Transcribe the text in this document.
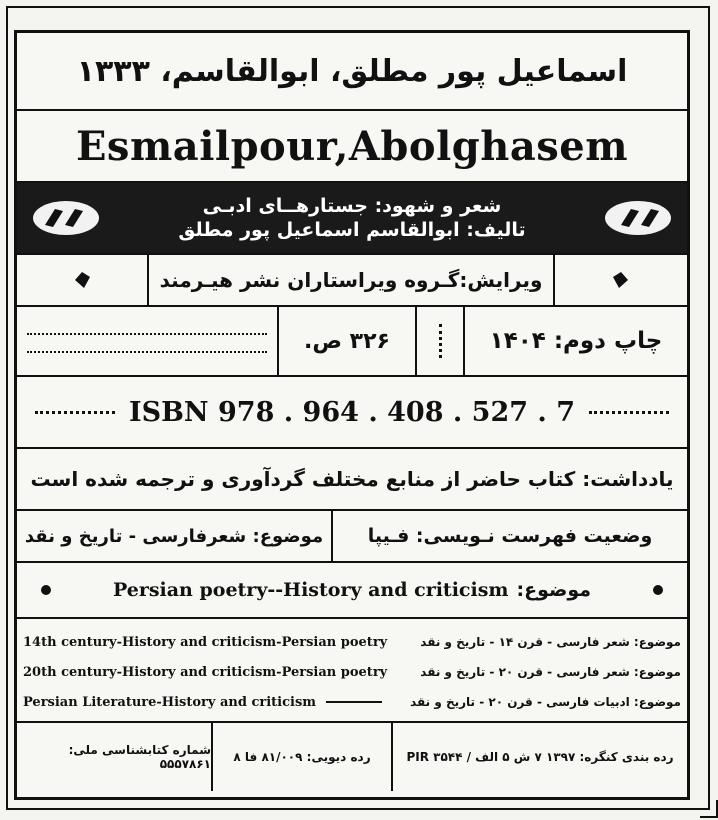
اسماعیل پور مطلق، ابوالقاسم، ۱۳۳۳
Esmailpour,Abolghasem
شعر و شهود: جستارهــای ادبـی
تالیف: ابوالقاسم اسماعیل پور مطلق
ویرایش:گـروه ویراستاران نشر هیـرمند
۳۲۶ ص.	چاپ دوم: ۱۴۰۴
ISBN 978 . 964 . 408 . 527 . 7
یادداشت: کتاب حاضر از منابع مختلف گردآوری و ترجمه شده است
موضوع: شعرفارسی - تاریخ و نقد وضعیت فهرست نـویسی: فـیپا
Persian poetry--History and criticism موضوع:
14th century-History and criticism-Persian poetry	موضوع: شعر فارسی - قرن ۱۴ - تاریخ و نقد
20th century-History and criticism-Persian poetry	موضوع: شعر فارسی - قرن ۲۰ - تاریخ و نقد
Persian Literature-History and criticism	موضوع: ادبیات فارسی - قرن ۲۰ - تاریخ و نقد
شماره کتابشناسی ملی: ۵۵۵۷۸۶۱ رده دیویی: ۸۱/۰۰۹ فا ۸	رده بندی کنگره: ۱۳۹۷ ۷ ش ۵ الف / PIR ۳۵۴۴
